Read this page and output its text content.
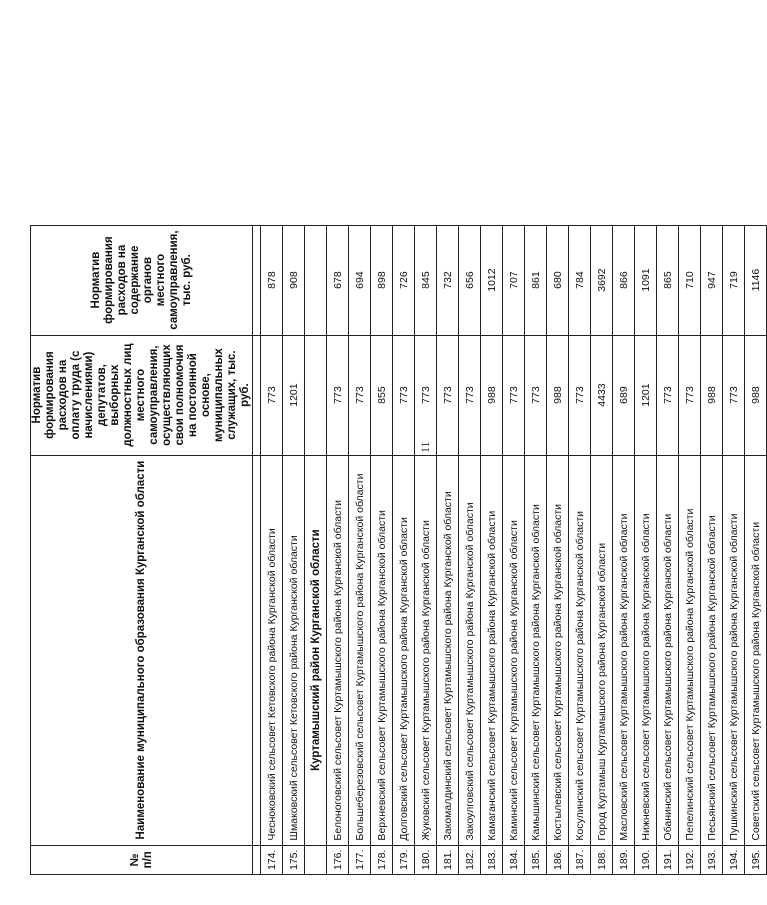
11
№ п/п	Наименование муниципального образования Курганской области	Норматив формирования расходов на оплату труда (с начислениями) депутатов, выборных должностных лиц местного самоуправления, осуществляющих свои полномочия на постоянной основе, муниципальных служащих, тыс. руб.	Норматив формирования расходов на содержание органов местного самоуправления, тыс. руб.

174.	Чесноковский сельсовет Кетовского района Курганской области	773	878
175.	Шмаковский сельсовет Кетовского района Курганской области	1201	908
	Куртамышский район Курганской области		
176.	Белоноговский сельсовет Куртамышского района Курганской области	773	678
177.	Большеберезовский сельсовет Куртамышского района Курганской области	773	694
178.	Верхневский сельсовет Куртамышского района Курганской области	855	898
179.	Долговский сельсовет Куртамышского района Курганской области	773	726
180.	Жуковский сельсовет Куртамышского района Курганской области	773	845
181.	Закомалдинский сельсовет Куртамышского района Курганской области	773	732
182.	Закоулговский сельсовет Куртамышского района Курганской области	773	656
183.	Камаганский сельсовет Куртамышского района Курганской области	988	1012
184.	Каминский сельсовет Куртамышского района Курганской области	773	707
185.	Камышинский сельсовет Куртамышского района Курганской области	773	861
186.	Костылевский сельсовет Куртамышского района Курганской области	988	680
187.	Косулинский сельсовет Куртамышского района Курганской области	773	784
188.	Город Куртамыш Куртамышского района Курганской области	4433	3692
189.	Масловский сельсовет Куртамышского района Курганской области	689	866
190.	Нижневский сельсовет Куртамышского района Курганской области	1201	1091
191.	Обанинский сельсовет Куртамышского района Курганской области	773	865
192.	Пепелинский сельсовет Куртамышского района Курганской области	773	710
193.	Песьянский сельсовет Куртамышского района Курганской области	988	947
194.	Пушкинский сельсовет Куртамышского района Курганской области	773	719
195.	Советский сельсовет Куртамышского района Курганской области	988	1146
